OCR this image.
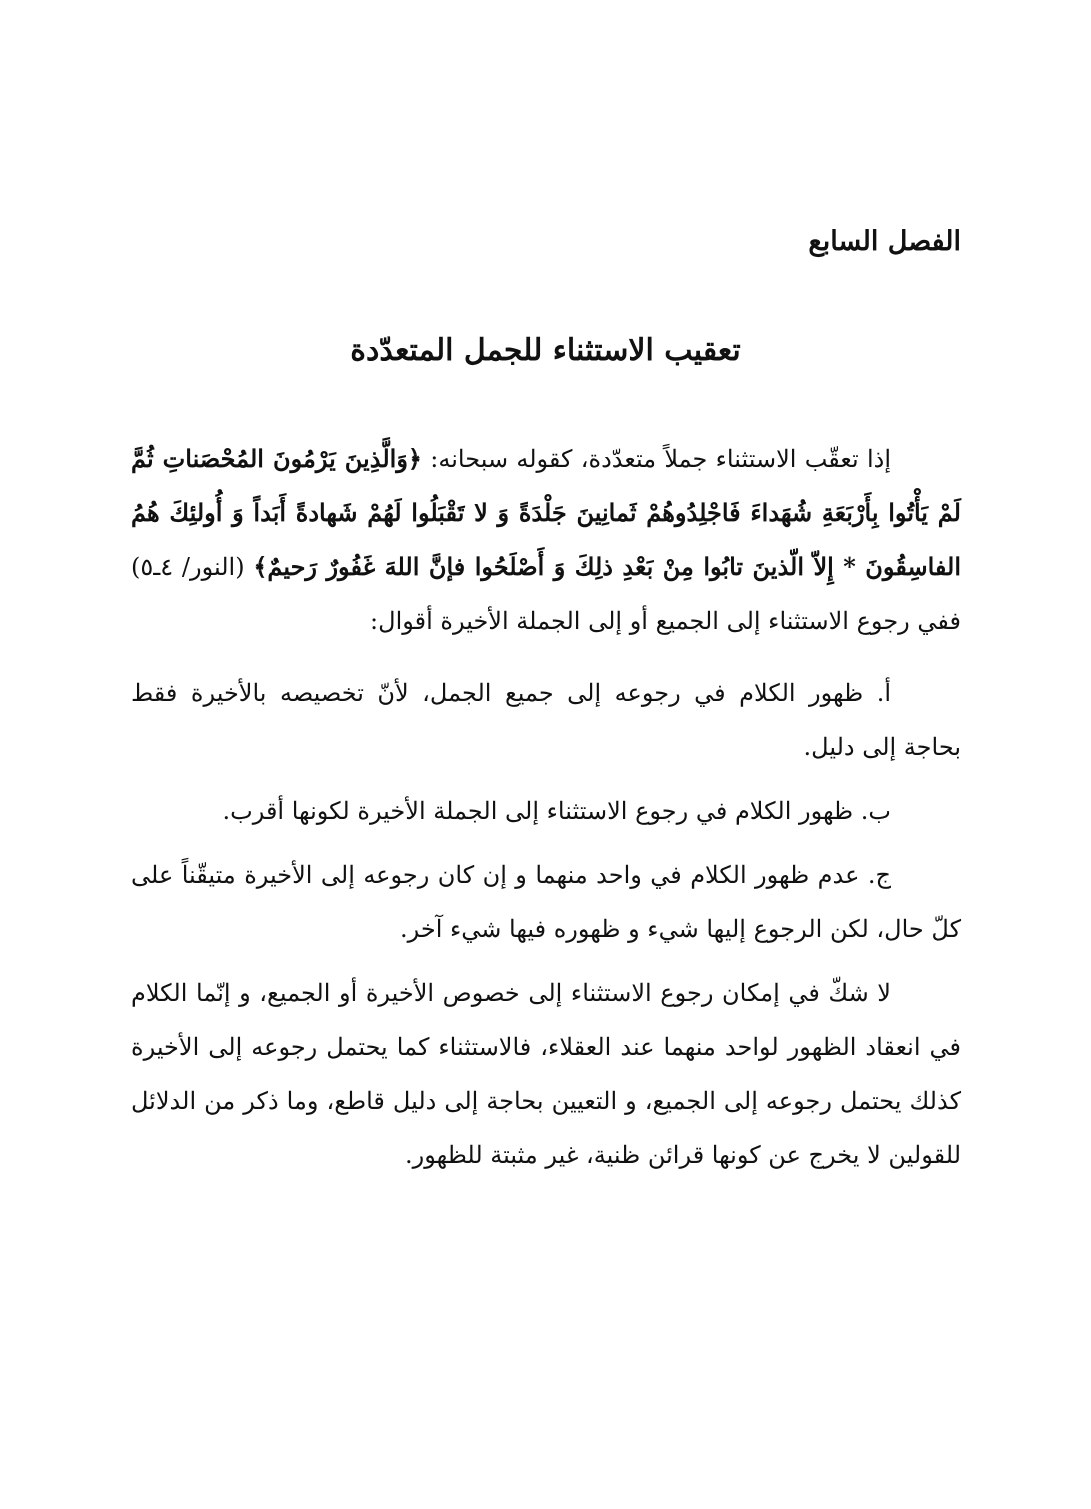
الفصل السابع
تعقيب الاستثناء للجمل المتعدّدة

إذا تعقّب الاستثناء جملاً متعدّدة، كقوله سبحانه: ﴿وَالَّذِينَ يَرْمُونَ المُحْصَناتِ ثُمَّ لَمْ يَأْتُوا بِأَرْبَعَةِ شُهَداءَ فَاجْلِدُوهُمْ ثَمانِينَ جَلْدَةً وَ لا تَقْبَلُوا لَهُمْ شَهادةً أَبَداً وَ أُولئِكَ هُمُ الفاسِقُونَ * إِلاّ الّذينَ تابُوا مِنْ بَعْدِ ذلِكَ وَ أَصْلَحُوا فإنَّ اللهَ غَفُورٌ رَحيمٌ﴾ (النور/ ٤ـ٥) ففي رجوع الاستثناء إلى الجميع أو إلى الجملة الأخيرة أقوال:

أ. ظهور الكلام في رجوعه إلى جميع الجمل، لأنّ تخصيصه بالأخيرة فقط بحاجة إلى دليل.

ب. ظهور الكلام في رجوع الاستثناء إلى الجملة الأخيرة لكونها أقرب.

ج. عدم ظهور الكلام في واحد منهما و إن كان رجوعه إلى الأخيرة متيقّناً على كلّ حال، لكن الرجوع إليها شيء و ظهوره فيها شيء آخر.

لا شكّ في إمكان رجوع الاستثناء إلى خصوص الأخيرة أو الجميع، و إنّما الكلام في انعقاد الظهور لواحد منهما عند العقلاء، فالاستثناء كما يحتمل رجوعه إلى الأخيرة كذلك يحتمل رجوعه إلى الجميع، و التعيين بحاجة إلى دليل قاطع، وما ذكر من الدلائل للقولين لا يخرج عن كونها قرائن ظنية، غير مثبتة للظهور.
